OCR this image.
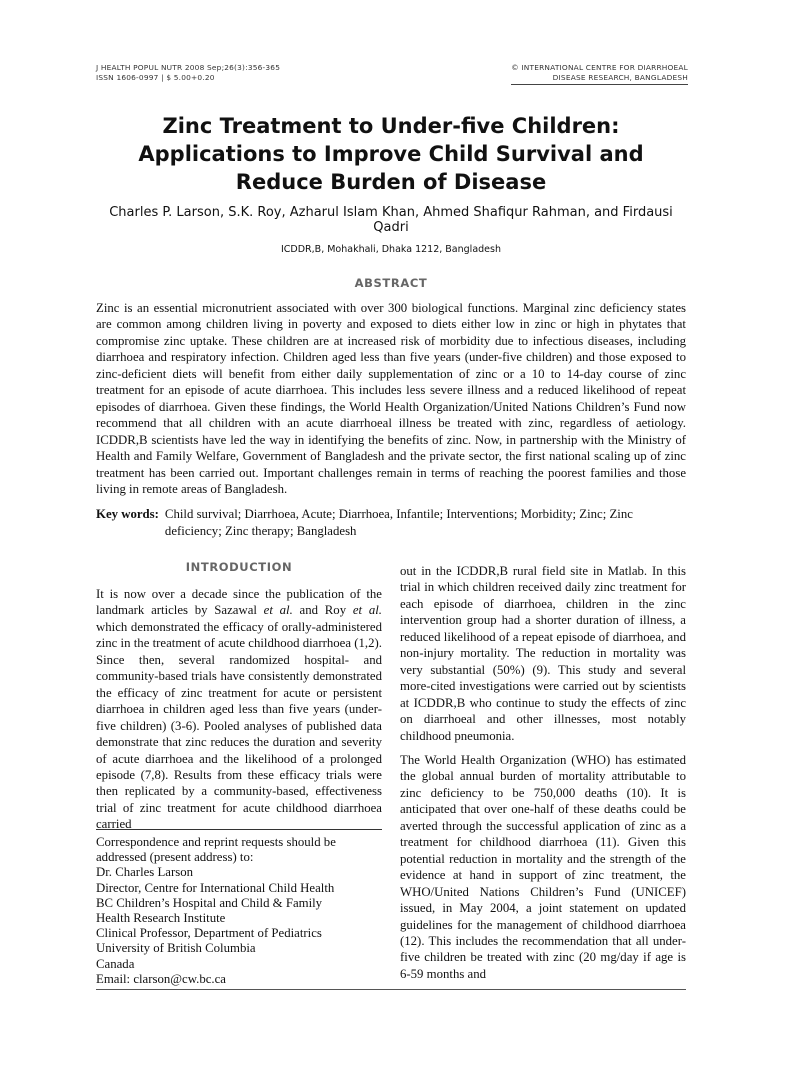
J HEALTH POPUL NUTR 2008 Sep;26(3):356-365
ISSN 1606-0997 | $ 5.00+0.20
© INTERNATIONAL CENTRE FOR DIARRHOEAL
DISEASE RESEARCH, BANGLADESH
Zinc Treatment to Under-five Children:
Applications to Improve Child Survival and
Reduce Burden of Disease
Charles P. Larson, S.K. Roy, Azharul Islam Khan, Ahmed Shafiqur Rahman, and Firdausi Qadri
ICDDR,B, Mohakhali, Dhaka 1212, Bangladesh
ABSTRACT
Zinc is an essential micronutrient associated with over 300 biological functions. Marginal zinc deficiency states are common among children living in poverty and exposed to diets either low in zinc or high in phytates that compromise zinc uptake. These children are at increased risk of morbidity due to infectious diseases, including diarrhoea and respiratory infection. Children aged less than five years (under-five children) and those exposed to zinc-deficient diets will benefit from either daily supplementation of zinc or a 10 to 14-day course of zinc treatment for an episode of acute diarrhoea. This includes less severe illness and a reduced likelihood of repeat episodes of diarrhoea. Given these findings, the World Health Organization/United Nations Children’s Fund now recommend that all children with an acute diarrhoeal illness be treated with zinc, regardless of aetiology. ICDDR,B scientists have led the way in identifying the benefits of zinc. Now, in partnership with the Ministry of Health and Family Welfare, Government of Bangladesh and the private sector, the first national scaling up of zinc treatment has been carried out. Important challenges remain in terms of reaching the poorest families and those living in remote areas of Bangladesh.
Key words: Child survival; Diarrhoea, Acute; Diarrhoea, Infantile; Interventions; Morbidity; Zinc; Zinc deficiency; Zinc therapy; Bangladesh
INTRODUCTION

It is now over a decade since the publication of the landmark articles by Sazawal et al. and Roy et al. which demonstrated the efficacy of orally-administered zinc in the treatment of acute childhood diarrhoea (1,2). Since then, several randomized hospital- and community-based trials have consistently demonstrated the efficacy of zinc treatment for acute or persistent diarrhoea in children aged less than five years (under-five children) (3-6). Pooled analyses of published data demonstrate that zinc reduces the duration and severity of acute diarrhoea and the likelihood of a prolonged episode (7,8). Results from these efficacy trials were then replicated by a community-based, effectiveness trial of zinc treatment for acute childhood diarrhoea carried

Correspondence and reprint requests should be
addressed (present address) to:
Dr. Charles Larson
Director, Centre for International Child Health
BC Children’s Hospital and Child & Family
Health Research Institute
Clinical Professor, Department of Pediatrics
University of British Columbia
Canada
Email: clarson@cw.bc.ca

out in the ICDDR,B rural field site in Matlab. In this trial in which children received daily zinc treatment for each episode of diarrhoea, children in the zinc intervention group had a shorter duration of illness, a reduced likelihood of a repeat episode of diarrhoea, and non-injury mortality. The reduction in mortality was very substantial (50%) (9). This study and several more-cited investigations were carried out by scientists at ICDDR,B who continue to study the effects of zinc on diarrhoeal and other illnesses, most notably childhood pneumonia.

The World Health Organization (WHO) has estimated the global annual burden of mortality attributable to zinc deficiency to be 750,000 deaths (10). It is anticipated that over one-half of these deaths could be averted through the successful application of zinc as a treatment for childhood diarrhoea (11). Given this potential reduction in mortality and the strength of the evidence at hand in support of zinc treatment, the WHO/United Nations Children’s Fund (UNICEF) issued, in May 2004, a joint statement on updated guidelines for the management of childhood diarrhoea (12). This includes the recommendation that all under-five children be treated with zinc (20 mg/day if age is 6-59 months and
